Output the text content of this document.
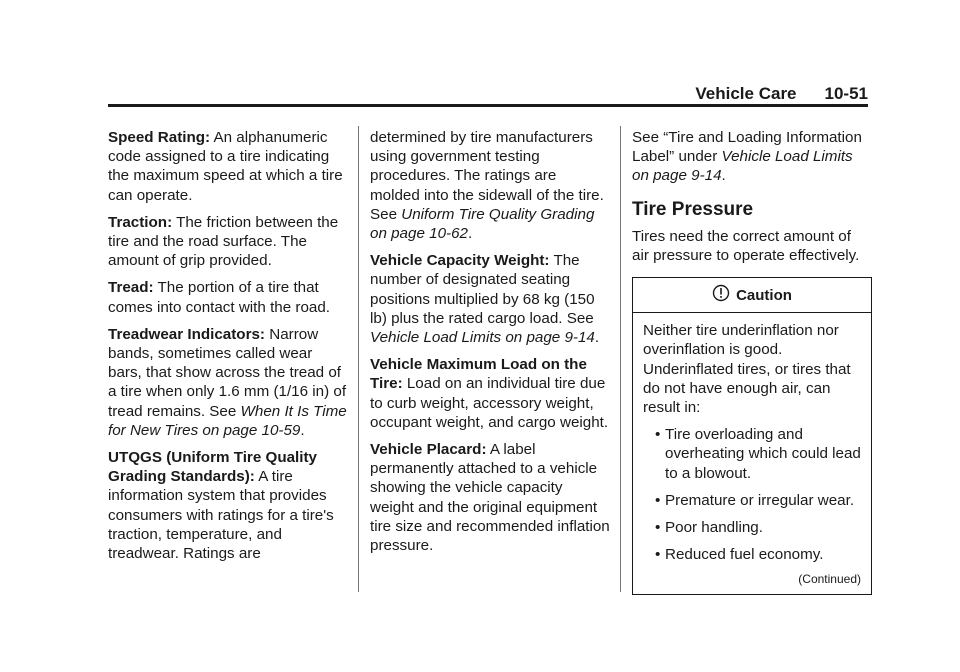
Vehicle Care 10-51

Speed Rating: An alphanumeric code assigned to a tire indicating the maximum speed at which a tire can operate.

Traction: The friction between the tire and the road surface. The amount of grip provided.

Tread: The portion of a tire that comes into contact with the road.

Treadwear Indicators: Narrow bands, sometimes called wear bars, that show across the tread of a tire when only 1.6 mm (1/16 in) of tread remains. See When It Is Time for New Tires on page 10-59.

UTQGS (Uniform Tire Quality Grading Standards): A tire information system that provides consumers with ratings for a tire's traction, temperature, and treadwear. Ratings are

determined by tire manufacturers using government testing procedures. The ratings are molded into the sidewall of the tire. See Uniform Tire Quality Grading on page 10-62.

Vehicle Capacity Weight: The number of designated seating positions multiplied by 68 kg (150 lb) plus the rated cargo load. See Vehicle Load Limits on page 9-14.

Vehicle Maximum Load on the Tire: Load on an individual tire due to curb weight, accessory weight, occupant weight, and cargo weight.

Vehicle Placard: A label permanently attached to a vehicle showing the vehicle capacity weight and the original equipment tire size and recommended inflation pressure.

See “Tire and Loading Information Label” under Vehicle Load Limits on page 9-14.

Tire Pressure

Tires need the correct amount of air pressure to operate effectively.

Caution
Neither tire underinflation nor overinflation is good. Underinflated tires, or tires that do not have enough air, can result in:
• Tire overloading and overheating which could lead to a blowout.
• Premature or irregular wear.
• Poor handling.
• Reduced fuel economy.
(Continued)
